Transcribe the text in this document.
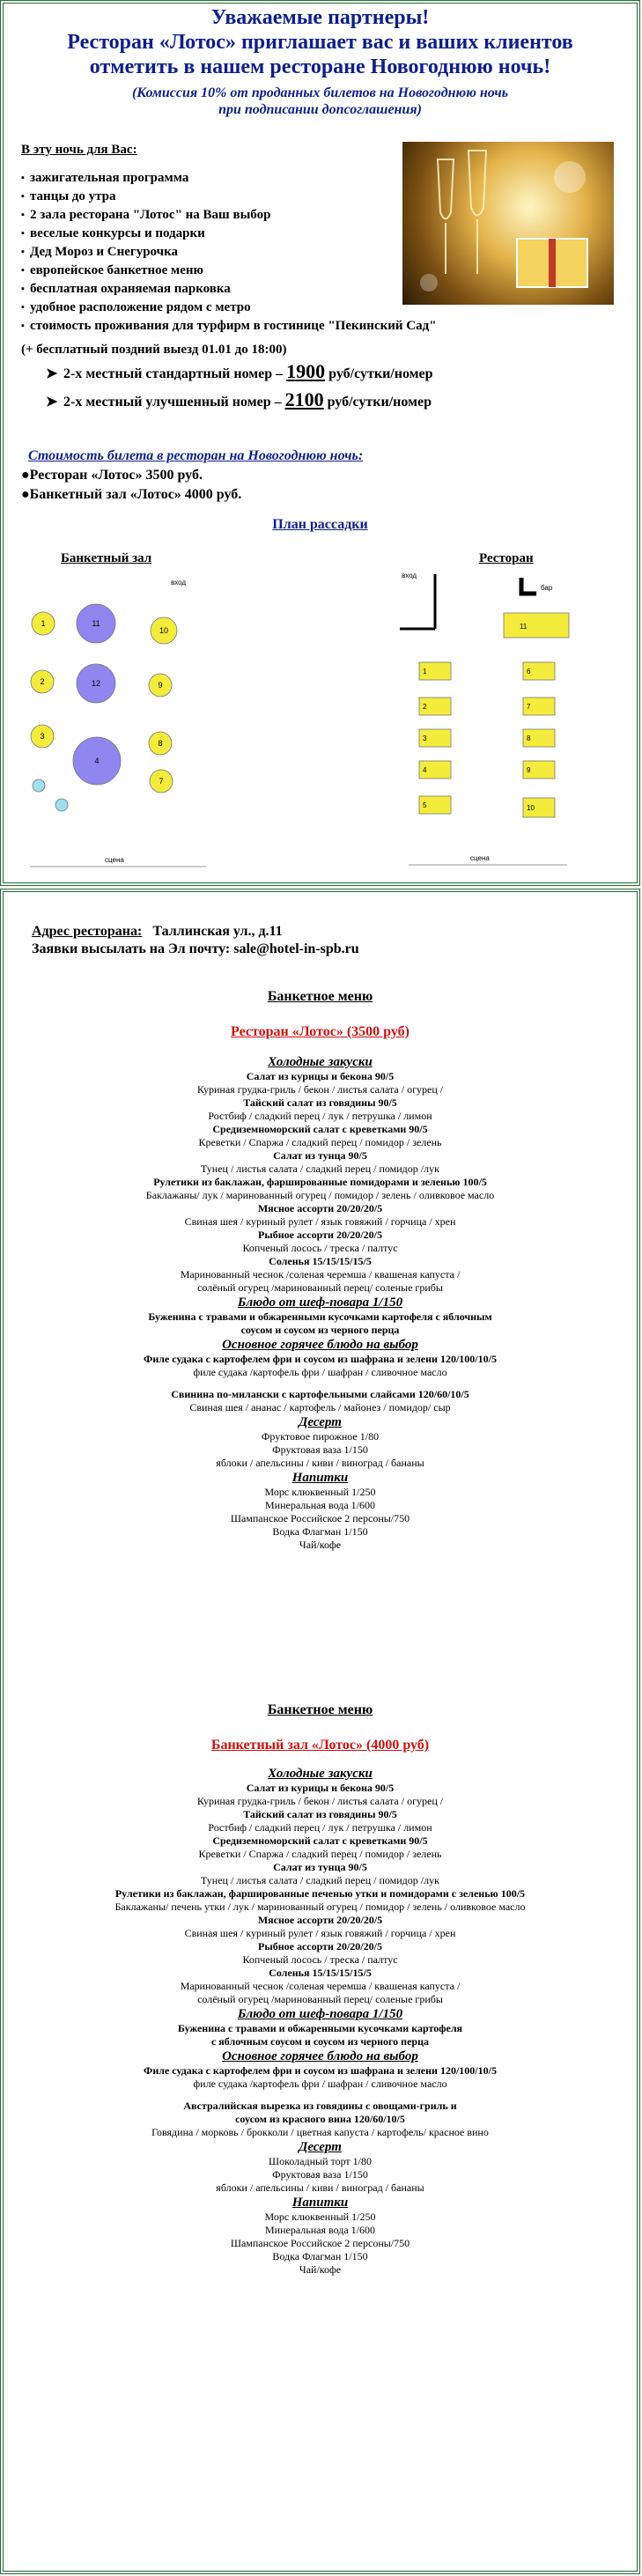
Уважаемые партнеры!
Ресторан «Лотос» приглашает вас и ваших клиентов
отметить в нашем ресторане Новогоднюю ночь!
(Комиссия 10% от проданных билетов на Новогоднюю ночь
при подписании допсоглашения)
В эту ночь для Вас:
▪ зажигательная программа
▪ танцы до утра
▪ 2 зала ресторана "Лотос" на Ваш выбор
▪ веселые конкурсы и подарки
▪ Дед Мороз и Снегурочка
▪ европейское банкетное меню
▪ бесплатная охраняемая парковка
▪ удобное расположение рядом с метро
▪ стоимость проживания для турфирм в гостинице "Пекинский Сад"
(+ бесплатный поздний выезд 01.01 до 18:00)
➤ 2-х местный стандартный номер – 1900 руб/сутки/номер
➤ 2-х местный улучшенный номер – 2100 руб/сутки/номер
Стоимость билета в ресторан на Новогоднюю ночь:
●Ресторан «Лотос» 3500 руб.
●Банкетный зал «Лотос» 4000 руб.
План рассадки
Банкетный зал	Ресторан
вход
1	11
10
2	12	9
3
4
8
7
сцена
вход
бар
11
1	6
2	7
3	8
4	9
5	10
сцена
Адрес ресторана: Таллинская ул., д.11
Заявки высылать на Эл почту: sale@hotel-in-spb.ru

Банкетное меню

Ресторан «Лотос» (3500 руб)

Холодные закуски
Салат из курицы и бекона 90/5
Куриная грудка-гриль / бекон / листья салата / огурец /
Тайский салат из говядины 90/5
Ростбиф / сладкий перец / лук / петрушка / лимон
Средиземноморский салат с креветками 90/5
Креветки / Спаржа / сладкий перец / помидор / зелень
Салат из тунца 90/5
Тунец / листья салата / сладкий перец / помидор /лук
Рулетики из баклажан, фаршированные помидорами и зеленью 100/5
Баклажаны/ лук / маринованный огурец / помидор / зелень / оливковое масло
Мясное ассорти 20/20/20/5
Свиная шея / куриный рулет / язык говяжий / горчица / хрен
Рыбное ассорти 20/20/20/5
Копченый лосось / треска / палтус
Соленья 15/15/15/15/5
Маринованный чеснок /соленая черемша / квашеная капуста /
солёный огурец /маринованный перец/ соленые грибы
Блюдо от шеф-повара 1/150
Буженина с травами и обжаренными кусочками картофеля с яблочным
соусом и соусом из черного перца
Основное горячее блюдо на выбор
Филе судака с картофелем фри и соусом из шафрана и зелени 120/100/10/5
филе судака /картофель фри / шафран / сливочное масло
Свинина по-милански с картофельными слайсами 120/60/10/5
Свиная шея / ананас / картофель / майонез / помидор/ сыр
Десерт
Фруктовое пирожное 1/80
Фруктовая ваза 1/150
яблоки / апельсины / киви / виноград / бананы
Напитки
Морс клюквенный 1/250
Минеральная вода 1/600
Шампанское Российское 2 персоны/750
Водка Флагман 1/150
Чай/кофе

Банкетное меню

Банкетный зал «Лотос» (4000 руб)

Холодные закуски
Салат из курицы и бекона 90/5
Куриная грудка-гриль / бекон / листья салата / огурец /
Тайский салат из говядины 90/5
Ростбиф / сладкий перец / лук / петрушка / лимон
Средиземноморский салат с креветками 90/5
Креветки / Спаржа / сладкий перец / помидор / зелень
Салат из тунца 90/5
Тунец / листья салата / сладкий перец / помидор /лук
Рулетики из баклажан, фаршированные печенью утки и помидорами с зеленью 100/5
Баклажаны/ печень утки / лук / маринованный огурец / помидор / зелень / оливковое масло
Мясное ассорти 20/20/20/5
Свиная шея / куриный рулет / язык говяжий / горчица / хрен
Рыбное ассорти 20/20/20/5
Копченый лосось / треска / палтус
Соленья 15/15/15/15/5
Маринованный чеснок /соленая черемша / квашеная капуста /
солёный огурец /маринованный перец/ соленые грибы
Блюдо от шеф-повара 1/150
Буженина с травами и обжаренными кусочками картофеля
с яблочным соусом и соусом из черного перца
Основное горячее блюдо на выбор
Филе судака с картофелем фри и соусом из шафрана и зелени 120/100/10/5
филе судака /картофель фри / шафран / сливочное масло
Австралийская вырезка из говядины с овощами-гриль и
соусом из красного вина 120/60/10/5
Говядина / морковь / брокколи / цветная капуста / картофель/ красное вино
Десерт
Шоколадный торт 1/80
Фруктовая ваза 1/150
яблоки / апельсины / киви / виноград / бананы
Напитки
Морс клюквенный 1/250
Минеральная вода 1/600
Шампанское Российское 2 персоны/750
Водка Флагман 1/150
Чай/кофе
